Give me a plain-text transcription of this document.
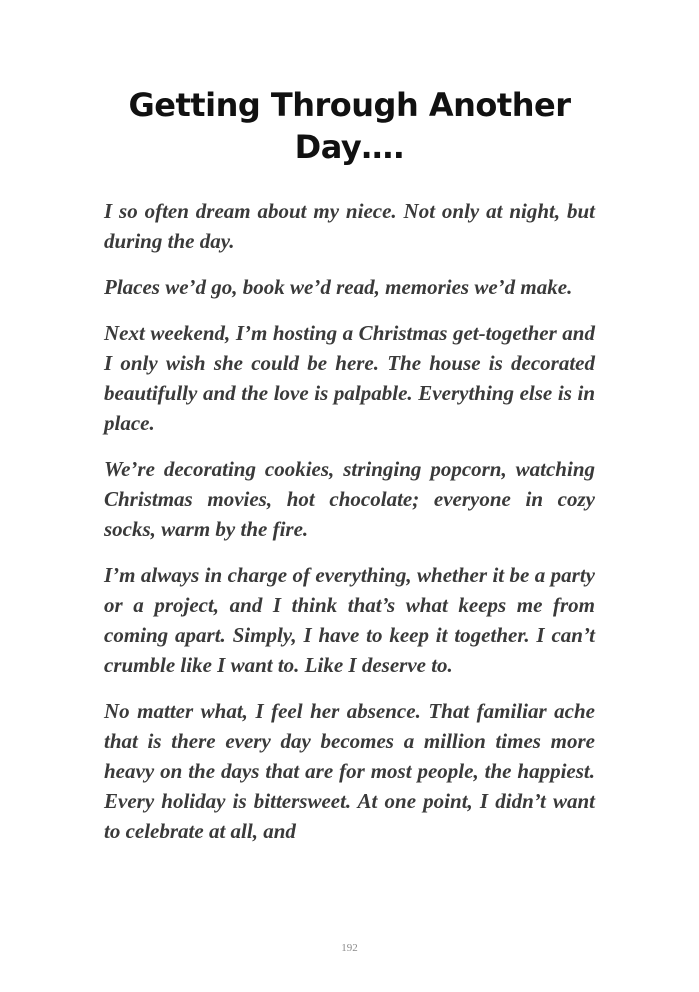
Getting Through Another Day….

I so often dream about my niece. Not only at night, but during the day.

Places we’d go, book we’d read, memories we’d make.

Next weekend, I’m hosting a Christmas get-together and I only wish she could be here. The house is decorated beautifully and the love is palpable. Everything else is in place.

We’re decorating cookies, stringing popcorn, watching Christmas movies, hot chocolate; everyone in cozy socks, warm by the fire.

I’m always in charge of everything, whether it be a party or a project, and I think that’s what keeps me from coming apart. Simply, I have to keep it together. I can’t crumble like I want to. Like I deserve to.

No matter what, I feel her absence. That familiar ache that is there every day becomes a million times more heavy on the days that are for most people, the happiest. Every holiday is bittersweet. At one point, I didn’t want to celebrate at all, and

192
